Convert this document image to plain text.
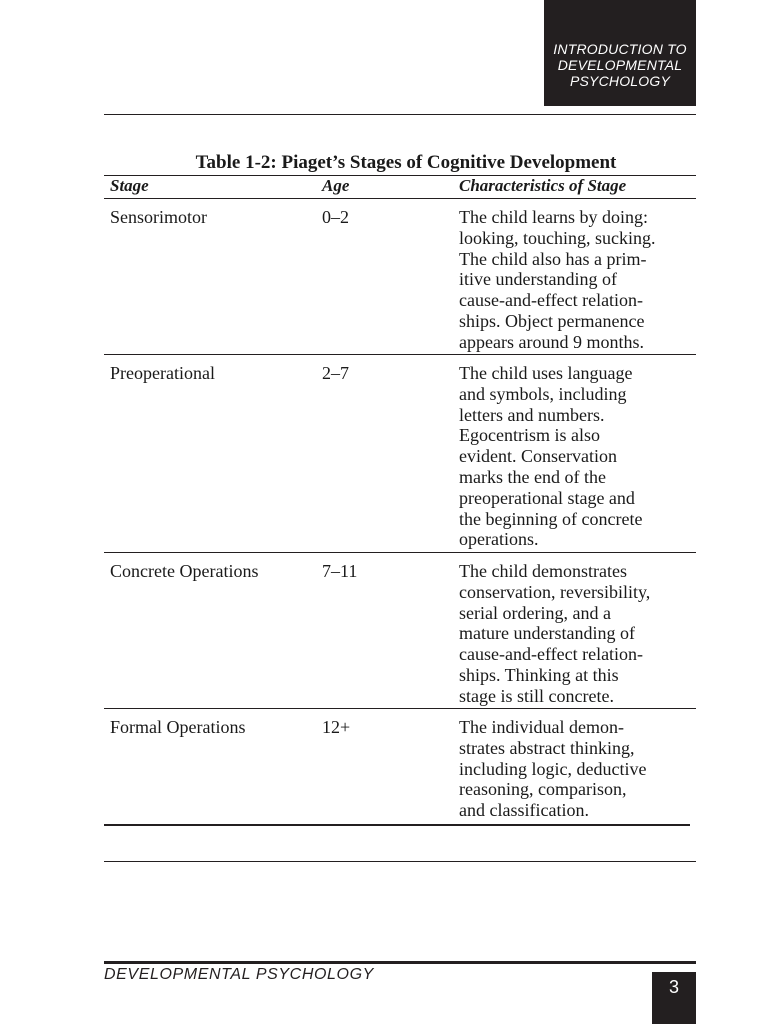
INTRODUCTION TO
DEVELOPMENTAL
PSYCHOLOGY
Table 1-2: Piaget’s Stages of Cognitive Development
Stage	Age	Characteristics of Stage
Sensorimotor	0–2	The child learns by doing:
looking, touching, sucking.
The child also has a prim-
itive understanding of
cause-and-effect relation-
ships. Object permanence
appears around 9 months.
Preoperational	2–7	The child uses language
and symbols, including
letters and numbers.
Egocentrism is also
evident. Conservation
marks the end of the
preoperational stage and
the beginning of concrete
operations.
Concrete Operations	7–11	The child demonstrates
conservation, reversibility,
serial ordering, and a
mature understanding of
cause-and-effect relation-
ships. Thinking at this
stage is still concrete.
Formal Operations	12+	The individual demon-
strates abstract thinking,
including logic, deductive
reasoning, comparison,
and classification.
DEVELOPMENTAL PSYCHOLOGY
3
